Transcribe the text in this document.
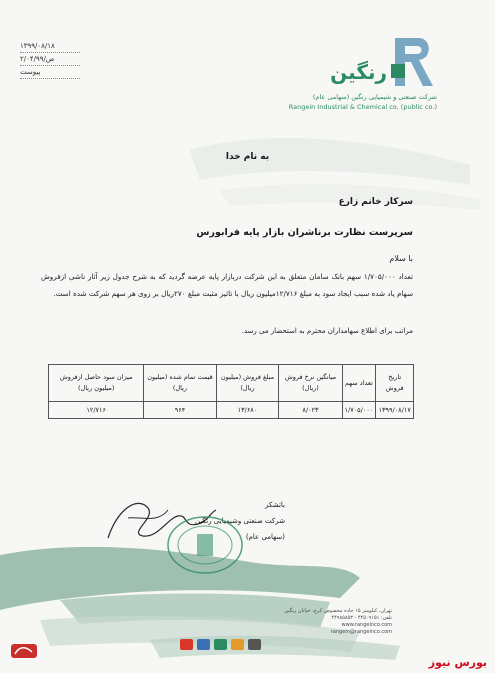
۱۳۹۹/۰۸/۱۸
۲/۰۴/ص/۹۹
پیوست	رنگین
شرکت صنعتی و شیمیایی رنگین (سهامی عام)
Rangein Industrial & Chemical co. (public co.)
به نام خدا
سرکار خانم زارع
سرپرست نظارت برناشران بازار پایه فرابورس
با سلام
تعداد ۱/۷۰۵/۰۰۰ سهم بانک سامان متعلق به این شرکت دربازار پایه عرضه گردید که به شرح جدول زیر آثار ناشی ازفروش سهام یاد شده سبب ایجاد سود به مبلغ ۱۲/۷۱۶میلیون ریال با تاثیر مثبت مبلغ ۲۷۰ریال بر روی هر سهم شرکت شده است.
مراتب برای اطلاع سهامداران محترم به استحضار می رسد.
تاریخ فروش	تعداد سهم	میانگین نرخ فروش (ریال)	مبلغ فروش (میلیون ریال)	قیمت تمام شده (میلیون ریال)	میزان سود حاصل ازفروش (میلیون ریال)
۱۳۹۹/۰۸/۱۷	۱/۷۰۵/۰۰۰	۸/۰۲۳	۱۳/۶۸۰	۹۶۴	۱۲/۷۱۶
باتشکر
شرکت صنعتی وشیمیایی رنگین
(سهامی عام)
تهران، کیلومتر ۱۵ جاده مخصوص کرج، خیابان رنگین
تلفن: ۴۴۵۰۹۱۵۱ - ۴۴۹۸۵۸۵۳
www.rangeinco.com
rangein@rangeinco.com
بورس نیوز
